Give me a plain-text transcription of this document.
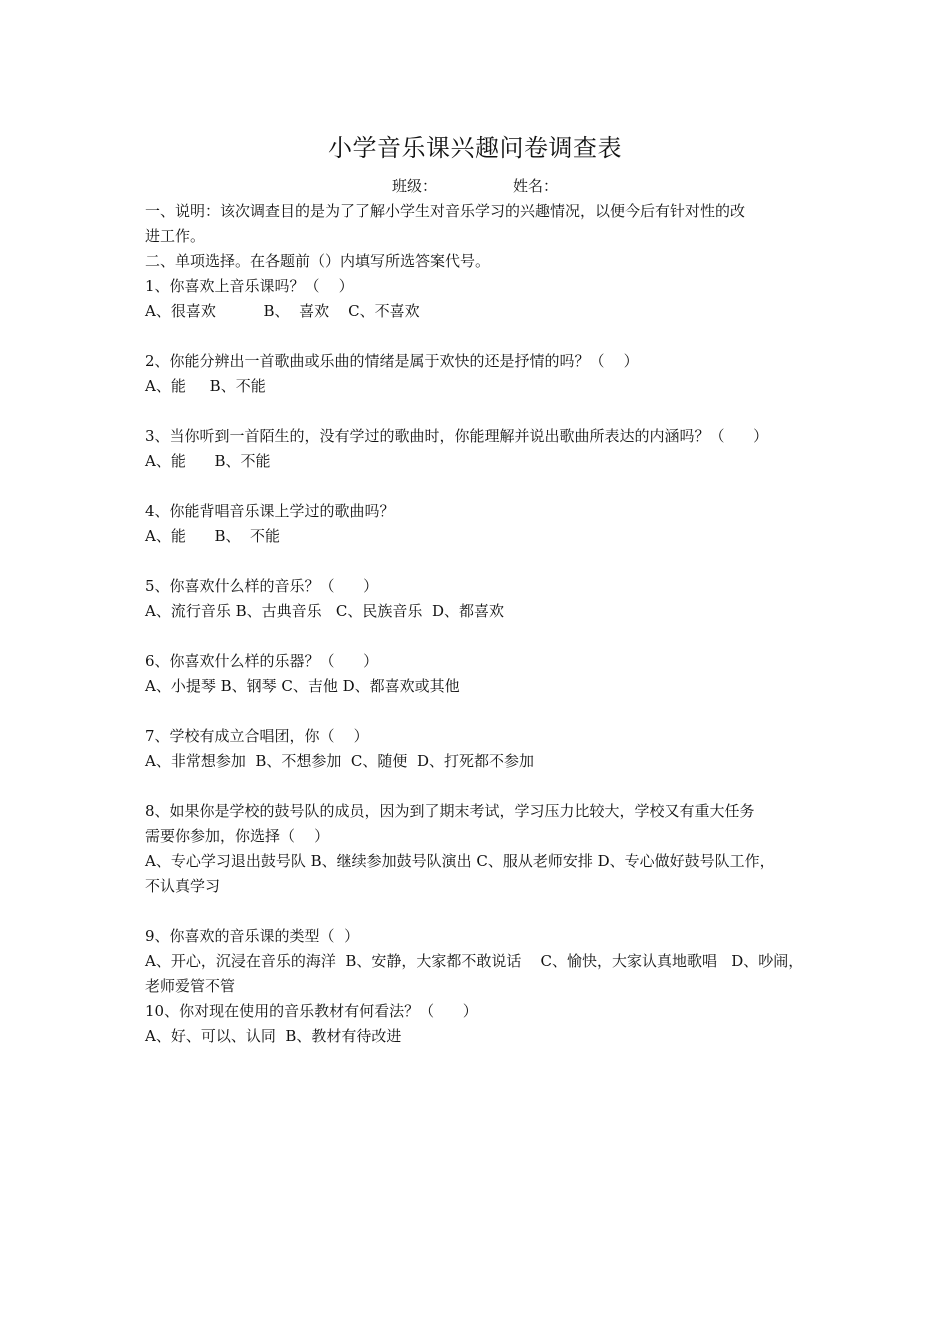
小学音乐课兴趣问卷调查表
班级：	姓名：

一、说明：该次调查目的是为了了解小学生对音乐学习的兴趣情况，以便今后有针对性的改

进工作。

二、单项选择。在各题前（）内填写所选答案代号。

1、你喜欢上音乐课吗？（    ）

A、很喜欢          B、  喜欢    C、不喜欢

2、你能分辨出一首歌曲或乐曲的情绪是属于欢快的还是抒情的吗？（    ）

A、能     B、不能

3、当你听到一首陌生的，没有学过的歌曲时，你能理解并说出歌曲所表达的内涵吗？（      ）

A、能      B、不能

4、你能背唱音乐课上学过的歌曲吗？

A、能      B、  不能

5、你喜欢什么样的音乐？（      ）

A、流行音乐 B、古典音乐   C、民族音乐  D、都喜欢

6、你喜欢什么样的乐器？（      ）

A、小提琴 B、钢琴 C、吉他 D、都喜欢或其他

7、学校有成立合唱团，你（    ）

A、非常想参加  B、不想参加  C、随便  D、打死都不参加

8、如果你是学校的鼓号队的成员，因为到了期末考试，学习压力比较大，学校又有重大任务

需要你参加，你选择（    ）

A、专心学习退出鼓号队 B、继续参加鼓号队演出 C、服从老师安排 D、专心做好鼓号队工作，

不认真学习

9、你喜欢的音乐课的类型（  ）

A、开心，沉浸在音乐的海洋  B、安静，大家都不敢说话    C、愉快，大家认真地歌唱   D、吵闹，

老师爱管不管

10、你对现在使用的音乐教材有何看法？（      ）

A、好、可以、认同  B、教材有待改进
